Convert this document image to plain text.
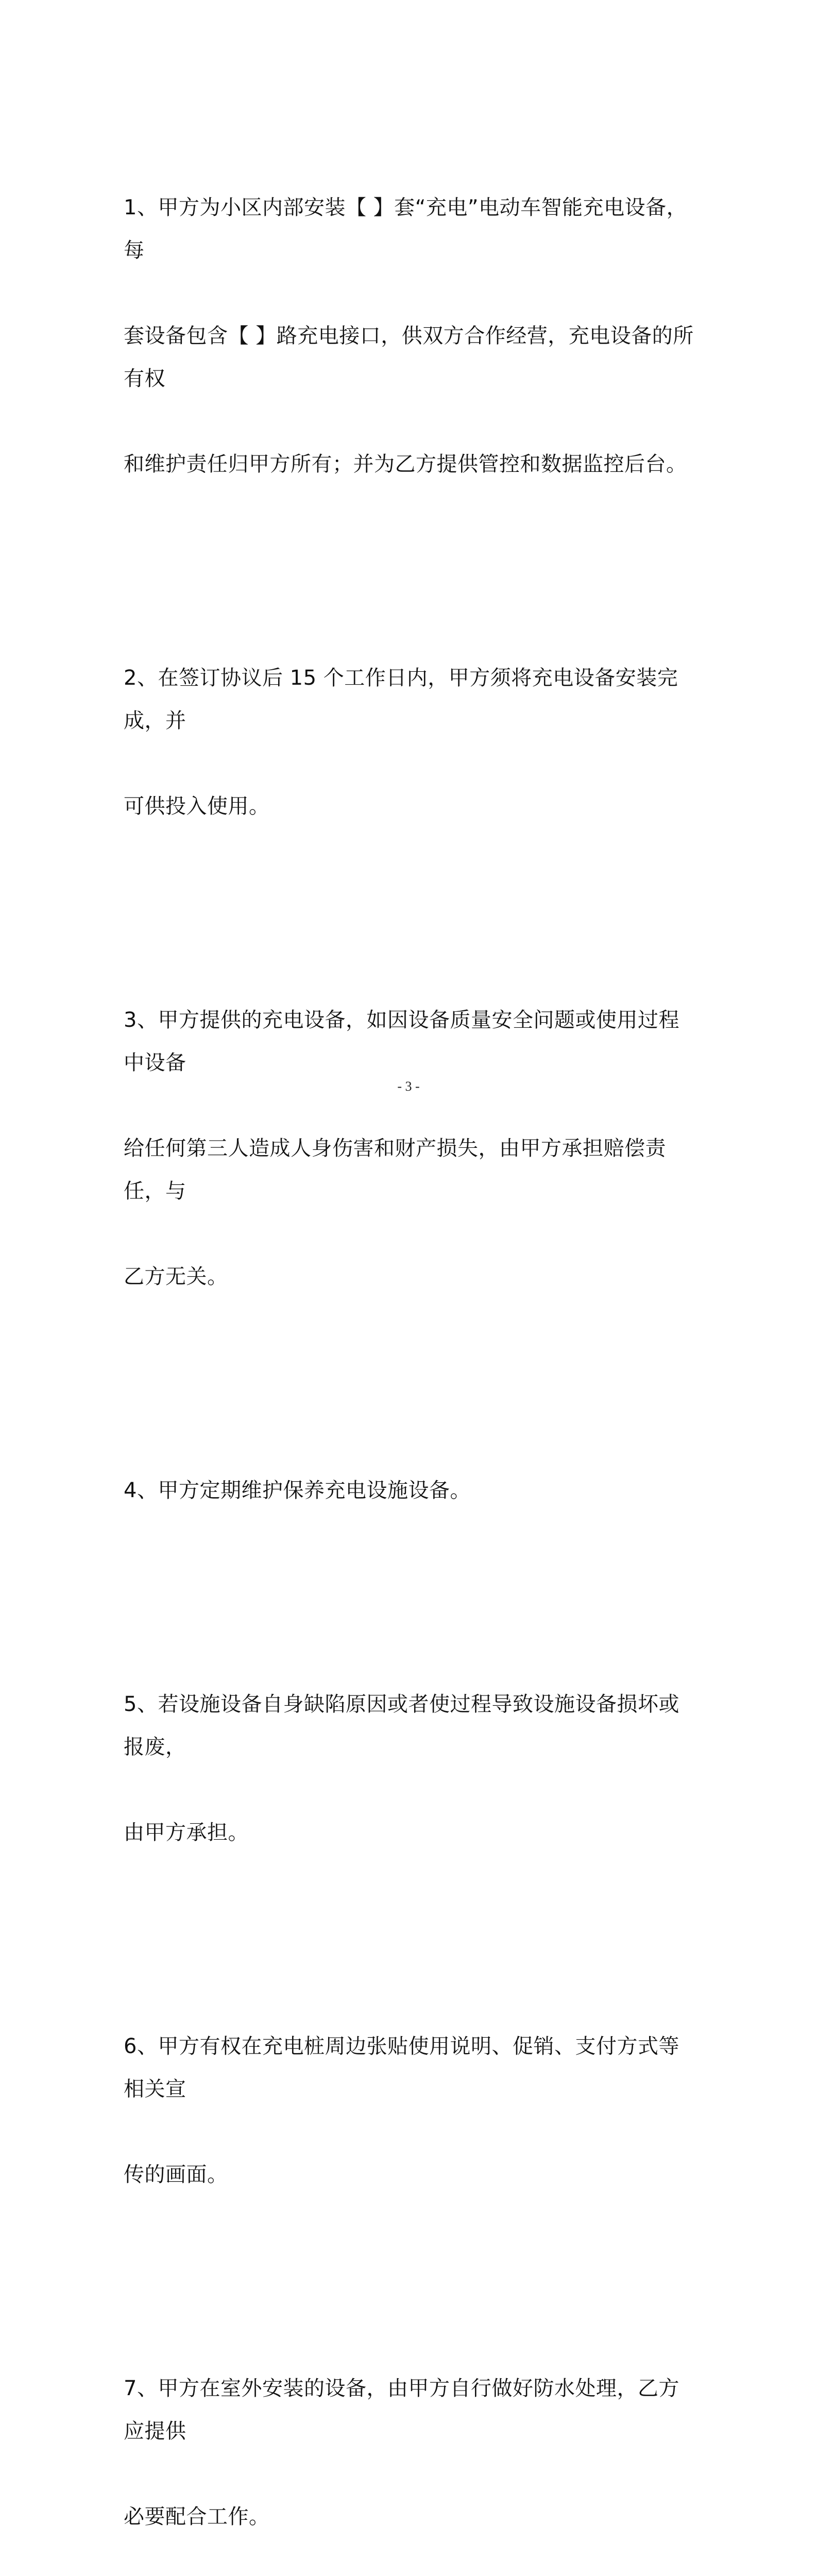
1、甲方为小区内部安装【 】套“充电”电动车智能充电设备，每

套设备包含【 】路充电接口，供双方合作经营，充电设备的所有权

和维护责任归甲方所有；并为乙方提供管控和数据监控后台。

2、在签订协议后 15 个工作日内，甲方须将充电设备安装完成，并

可供投入使用。

3、甲方提供的充电设备，如因设备质量安全问题或使用过程中设备

给任何第三人造成人身伤害和财产损失，由甲方承担赔偿责任，与

乙方无关。

4、甲方定期维护保养充电设施设备。

5、若设施设备自身缺陷原因或者使过程导致设施设备损坏或报废，

由甲方承担。

6、甲方有权在充电桩周边张贴使用说明、促销、支付方式等相关宣

传的画面。

7、甲方在室外安装的设备，由甲方自行做好防水处理，乙方应提供

必要配合工作。

- 3 -
